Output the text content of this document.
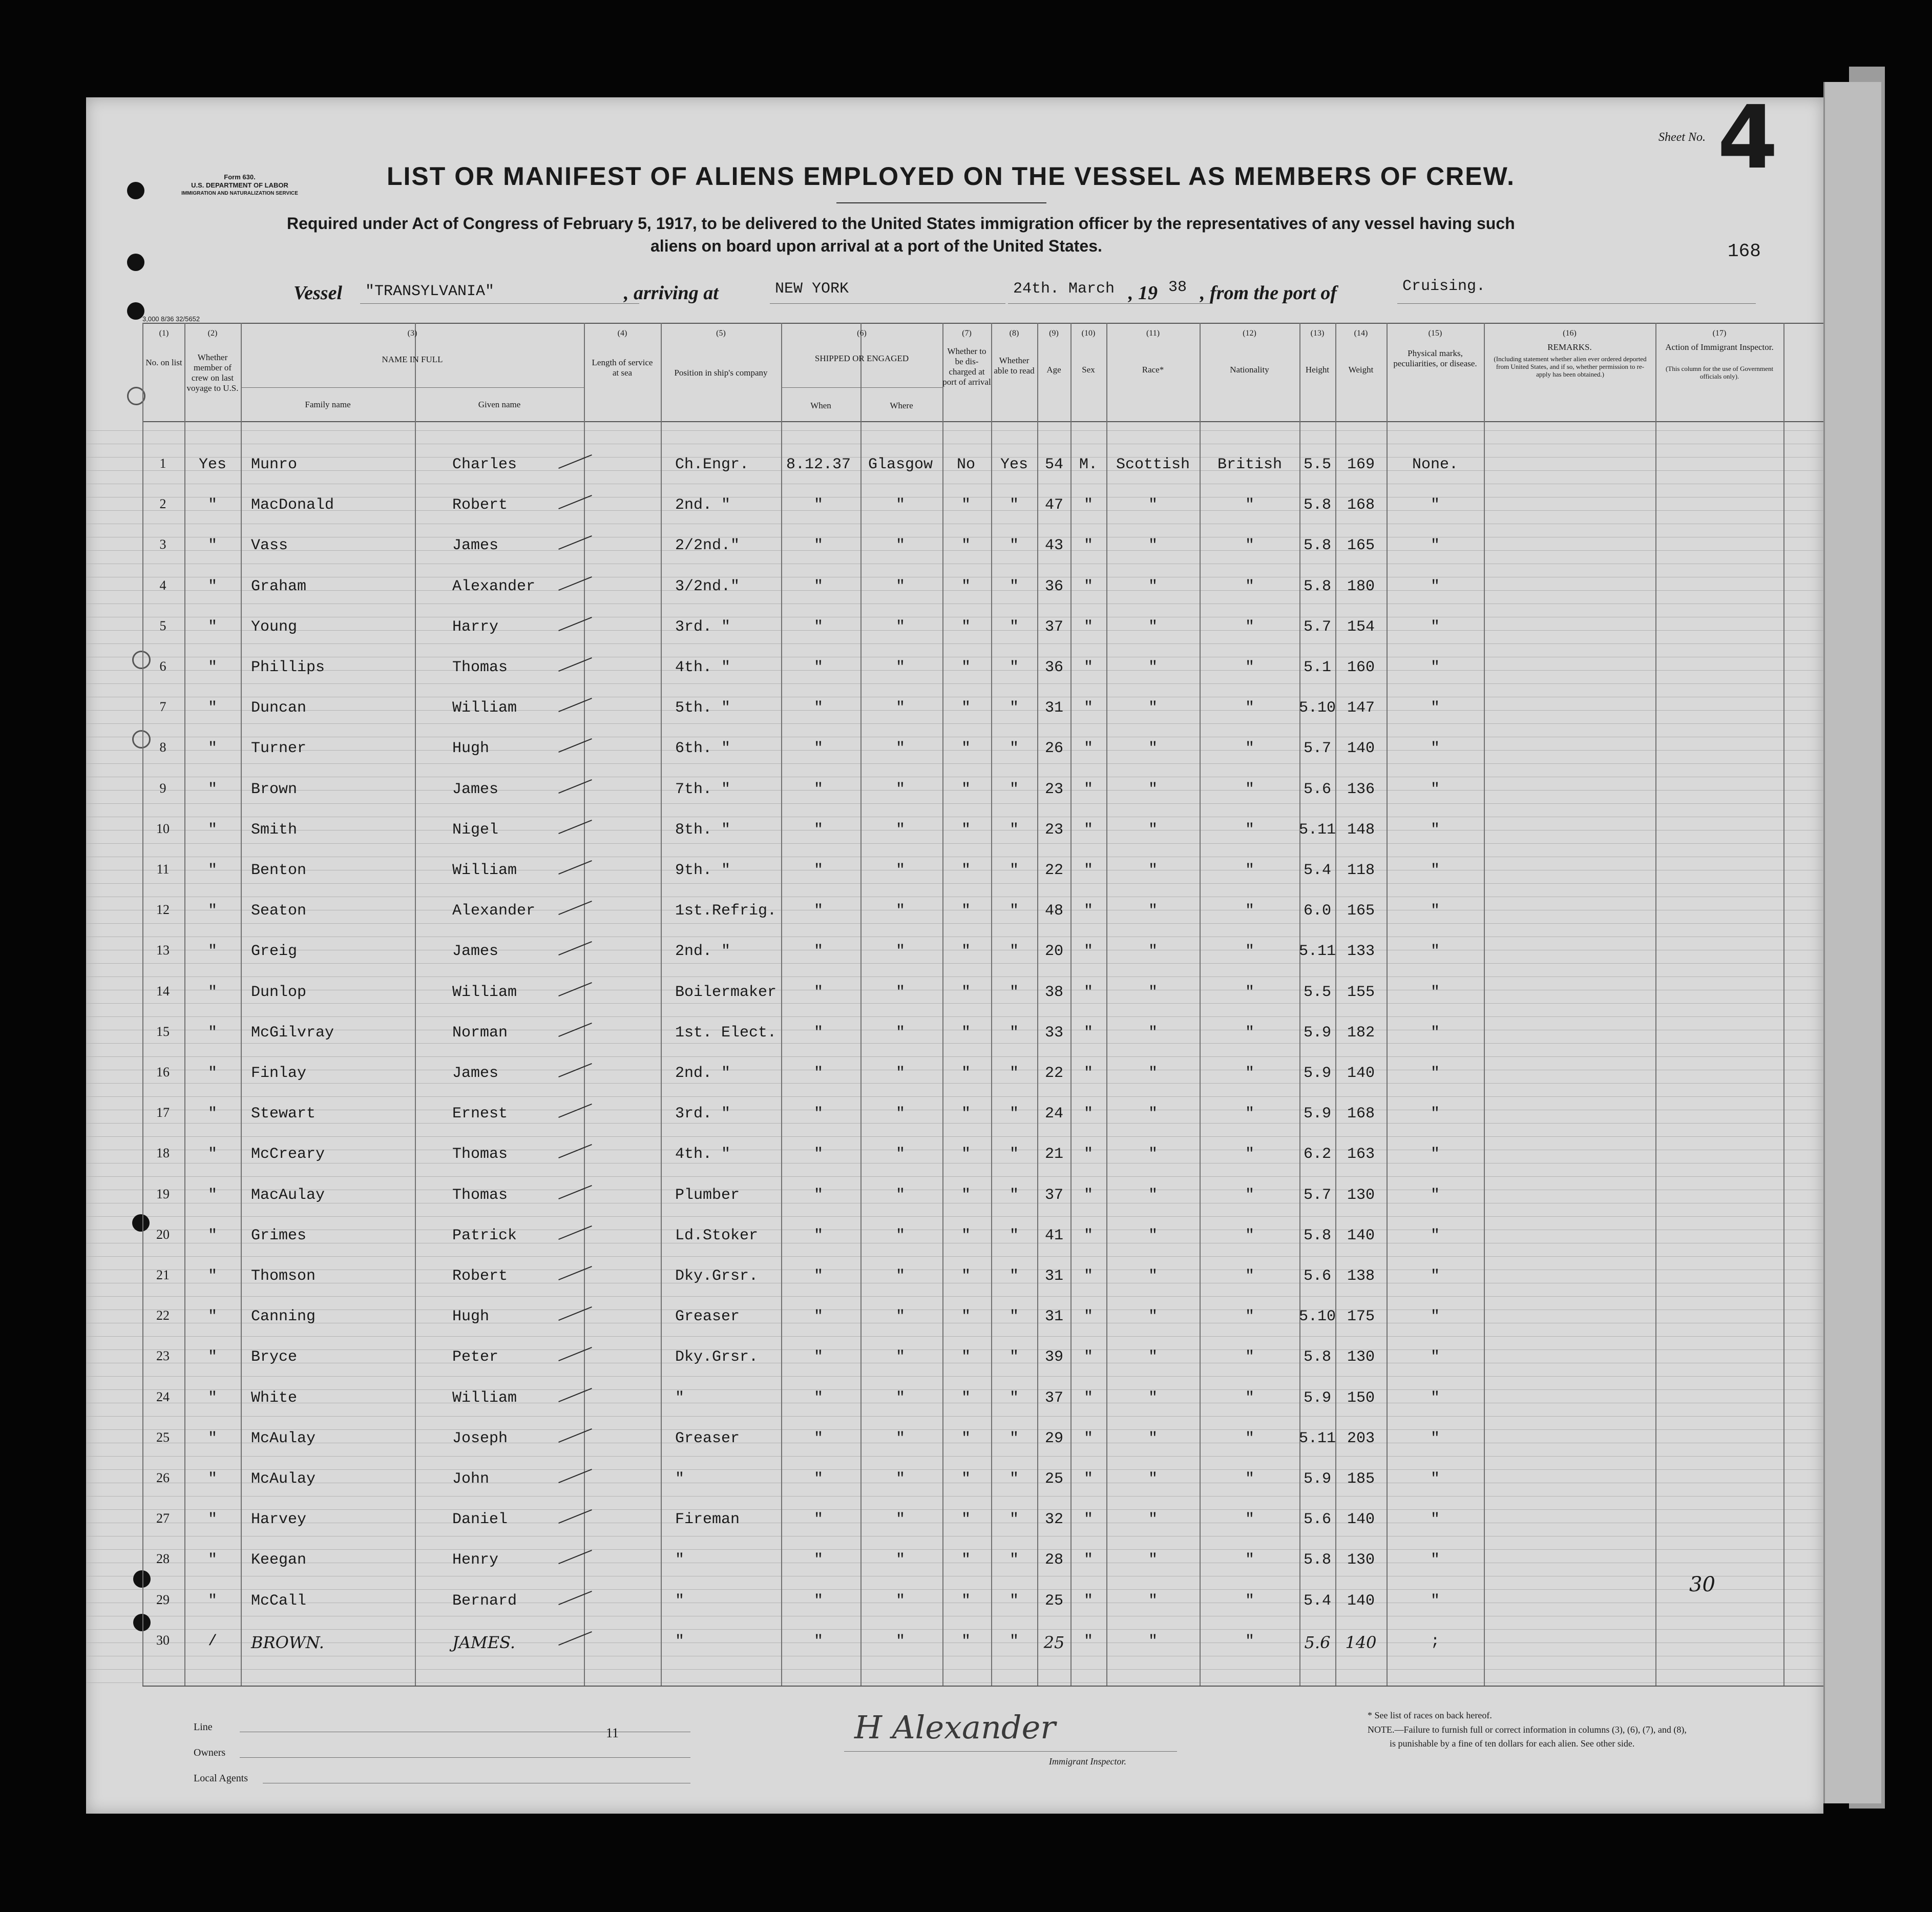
Form 630.
U.S. DEPARTMENT OF LABOR
IMMIGRATION AND NATURALIZATION SERVICE
Sheet No. 4
168
LIST OR MANIFEST OF ALIENS EMPLOYED ON THE VESSEL AS MEMBERS OF CREW.
Required under Act of Congress of February 5, 1917, to be delivered to the United States immigration officer by the representatives of any vessel having such
aliens on board upon arrival at a port of the United States.
Vessel "TRANSYLVANIA"	, arriving at	NEW YORK	24th. March , 19 38 , from the port of	Cruising.
3,000 8/36 32/5652
(1)
No. on list
(2)
Whether member of crew on last voyage to U.S.
(3)
NAME IN FULL
Family name	Given name
(4)
Length of service at sea
(5)
Position in ship's company
(6)
SHIPPED OR ENGAGED
When	Where
(7)
Whether to be dis-charged at port of arrival
(8)
Whether able to read
(9)
Age
(10)
Sex
(11)
Race*
(12)
Nationality
(13)
Height
(14)
Weight
(15)
Physical marks, peculiarities, or disease.
(16)
REMARKS.
(Including statement whether alien ever ordered deported from United States, and if so, whether permission to re-apply has been obtained.)
(17)
Action of Immigrant Inspector.
(This column for the use of Government officials only).
1	Yes	Munro	Charles	Ch.Engr.	8.12.37	Glasgow	No	Yes	54	M.	Scottish	British	5.5	169	None.
2	"	MacDonald	Robert	2nd. "	"	"	"	"	47	"	"	"	5.8	168	"
3	"	Vass	James	2/2nd."	"	"	"	"	43	"	"	"	5.8	165	"
4	"	Graham	Alexander	3/2nd."	"	"	"	"	36	"	"	"	5.8	180	"
5	"	Young	Harry	3rd. "	"	"	"	"	37	"	"	"	5.7	154	"
6	"	Phillips	Thomas	4th. "	"	"	"	"	36	"	"	"	5.1	160	"
7	"	Duncan	William	5th. "	"	"	"	"	31	"	"	"	5.10 147	"
8	"	Turner	Hugh	6th. "	"	"	"	"	26	"	"	"	5.7	140	"
9	"	Brown	James	7th. "	"	"	"	"	23	"	"	"	5.6	136	"
10	"	Smith	Nigel	8th. "	"	"	"	"	23	"	"	"	5.11 148	"
11	"	Benton	William	9th. "	"	"	"	"	22	"	"	"	5.4	118	"
12	"	Seaton	Alexander	1st.Refrig.	"	"	"	"	48	"	"	"	6.0	165	"
13	"	Greig	James	2nd. "	"	"	"	"	20	"	"	"	5.11 133	"
14	"	Dunlop	William	Boilermaker	"	"	"	"	38	"	"	"	5.5	155	"
15	"	McGilvray	Norman	1st. Elect.	"	"	"	"	33	"	"	"	5.9	182	"
16	"	Finlay	James	2nd. "	"	"	"	"	22	"	"	"	5.9	140	"
17	"	Stewart	Ernest	3rd. "	"	"	"	"	24	"	"	"	5.9	168	"
18	"	McCreary	Thomas	4th. "	"	"	"	"	21	"	"	"	6.2	163	"
19	"	MacAulay	Thomas	Plumber	"	"	"	"	37	"	"	"	5.7	130	"
20	"	Grimes	Patrick	Ld.Stoker	"	"	"	"	41	"	"	"	5.8	140	"
21	"	Thomson	Robert	Dky.Grsr.	"	"	"	"	31	"	"	"	5.6	138	"
22	"	Canning	Hugh	Greaser	"	"	"	"	31	"	"	"	5.10 175	"
23	"	Bryce	Peter	Dky.Grsr.	"	"	"	"	39	"	"	"	5.8	130	"
24	"	White	William	"	"	"	"	"	37	"	"	"	5.9	150	"
25	"	McAulay	Joseph	Greaser	"	"	"	"	29	"	"	"	5.11 203	"
26	"	McAulay	John	"	"	"	"	"	25	"	"	"	5.9	185	"
27	"	Harvey	Daniel	Fireman	"	"	"	"	32	"	"	"	5.6	140	"
28	"	Keegan	Henry	"	"	"	"	"	28	"	"	"	5.8	130	"
29	"	McCall	Bernard	"	"	"	"	"	25	"	"	"	5.4	140	"
30	/	BROWN.	JAMES.	"	"	"	"	"	25	"	"	"	5.6 140	;
30
Line
Owners
11
Local Agents
H Alexander
Immigrant Inspector.
* See list of races on back hereof.
NOTE.—Failure to furnish full or correct information in columns (3), (6), (7), and (8),
is punishable by a fine of ten dollars for each alien. See other side.
